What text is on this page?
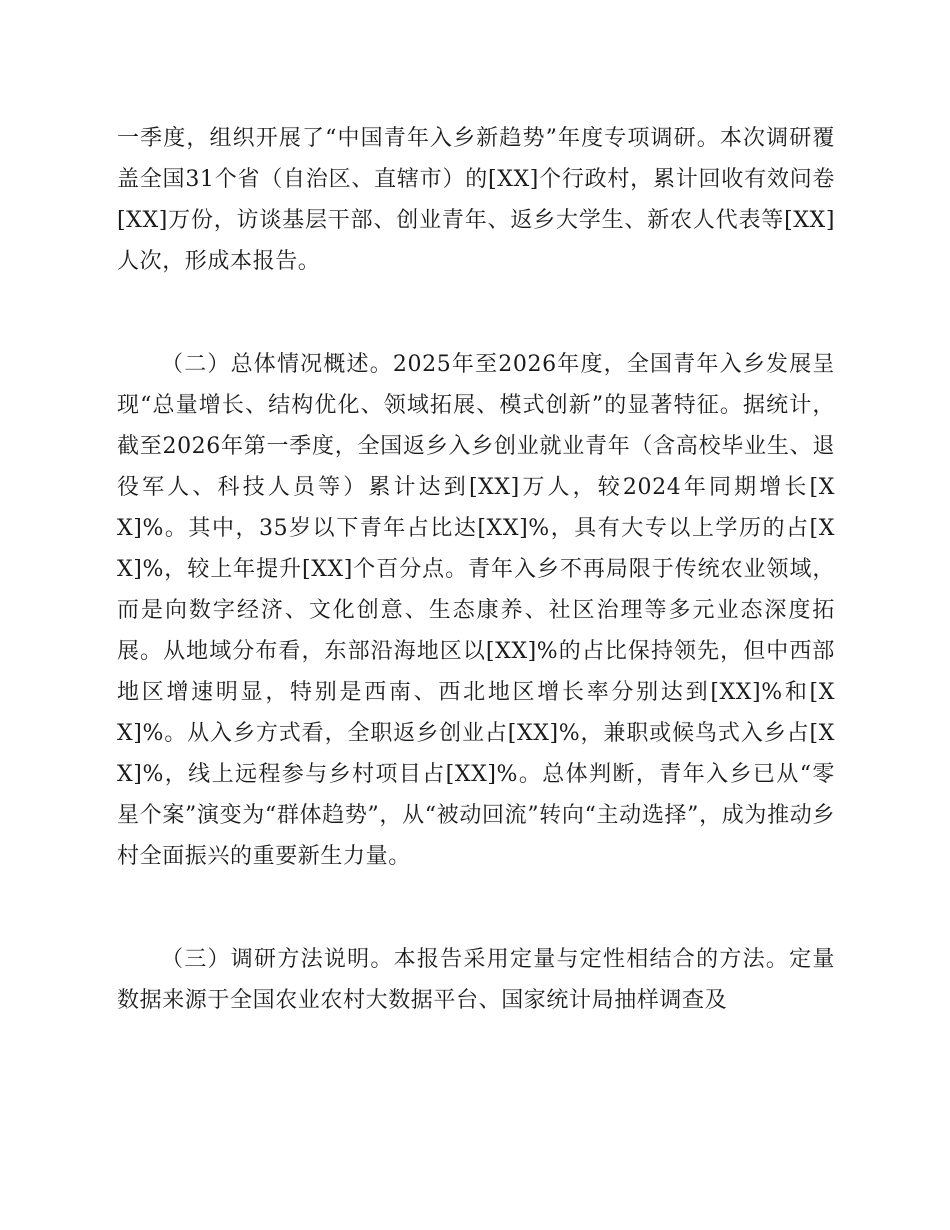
一季度，组织开展了“中国青年入乡新趋势”年度专项调研。本次调研覆盖全国31个省（自治区、直辖市）的[XX]个行政村，累计回收有效问卷[XX]万份，访谈基层干部、创业青年、返乡大学生、新农人代表等[XX]人次，形成本报告。

（二）总体情况概述。2025年至2026年度，全国青年入乡发展呈现“总量增长、结构优化、领域拓展、模式创新”的显著特征。据统计，截至2026年第一季度，全国返乡入乡创业就业青年（含高校毕业生、退役军人、科技人员等）累计达到[XX]万人，较2024年同期增长[XX]%。其中，35岁以下青年占比达[XX]%，具有大专以上学历的占[XX]%，较上年提升[XX]个百分点。青年入乡不再局限于传统农业领域，而是向数字经济、文化创意、生态康养、社区治理等多元业态深度拓展。从地域分布看，东部沿海地区以[XX]%的占比保持领先，但中西部地区增速明显，特别是西南、西北地区增长率分别达到[XX]%和[XX]%。从入乡方式看，全职返乡创业占[XX]%，兼职或候鸟式入乡占[XX]%，线上远程参与乡村项目占[XX]%。总体判断，青年入乡已从“零星个案”演变为“群体趋势”，从“被动回流”转向“主动选择”，成为推动乡村全面振兴的重要新生力量。

（三）调研方法说明。本报告采用定量与定性相结合的方法。定量数据来源于全国农业农村大数据平台、国家统计局抽样调查及
